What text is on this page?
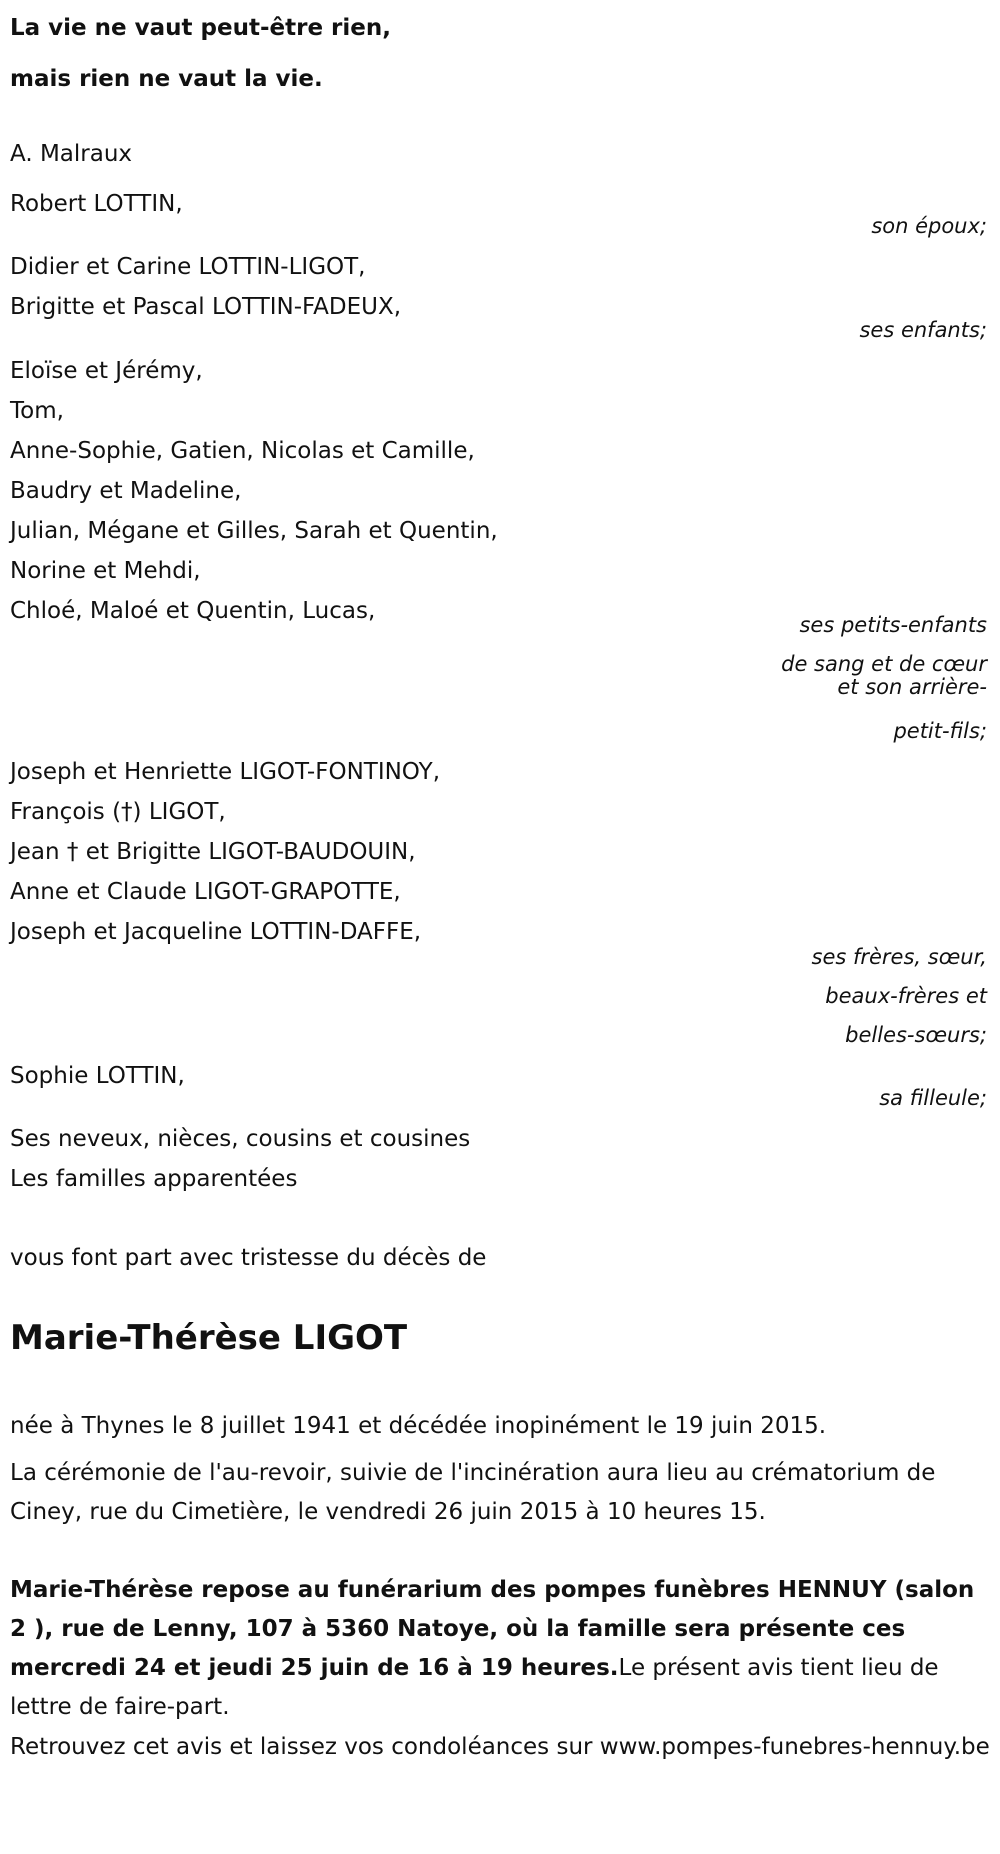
La vie ne vaut peut-être rien,
mais rien ne vaut la vie.
A. Malraux
Robert LOTTIN,
son époux;
Didier et Carine LOTTIN-LIGOT,
Brigitte et Pascal LOTTIN-FADEUX,
ses enfants;
Eloïse et Jérémy,
Tom,
Anne-Sophie, Gatien, Nicolas et Camille,
Baudry et Madeline,
Julian, Mégane et Gilles, Sarah et Quentin,
Norine et Mehdi,
Chloé, Maloé et Quentin, Lucas,
ses petits-enfants
de sang et de cœur
et son arrière-
petit-fils;
Joseph et Henriette LIGOT-FONTINOY,
François (†) LIGOT,
Jean † et Brigitte LIGOT-BAUDOUIN,
Anne et Claude LIGOT-GRAPOTTE,
Joseph et Jacqueline LOTTIN-DAFFE,
ses frères, sœur,
beaux-frères et
belles-sœurs;
Sophie LOTTIN,
sa filleule;
Ses neveux, nièces, cousins et cousines
Les familles apparentées
vous font part avec tristesse du décès de
Marie-Thérèse LIGOT
née à Thynes le 8 juillet 1941 et décédée inopinément le 19 juin 2015.
La cérémonie de l'au-revoir, suivie de l'incinération aura lieu au crématorium de Ciney, rue du Cimetière, le vendredi 26 juin 2015 à 10 heures 15.
Marie-Thérèse repose au funérarium des pompes funèbres HENNUY (salon 2 ), rue de Lenny, 107 à 5360 Natoye, où la famille sera présente ces mercredi 24 et jeudi 25 juin de 16 à 19 heures.Le présent avis tient lieu de lettre de faire-part.
Retrouvez cet avis et laissez vos condoléances sur www.pompes-funebres-hennuy.be
